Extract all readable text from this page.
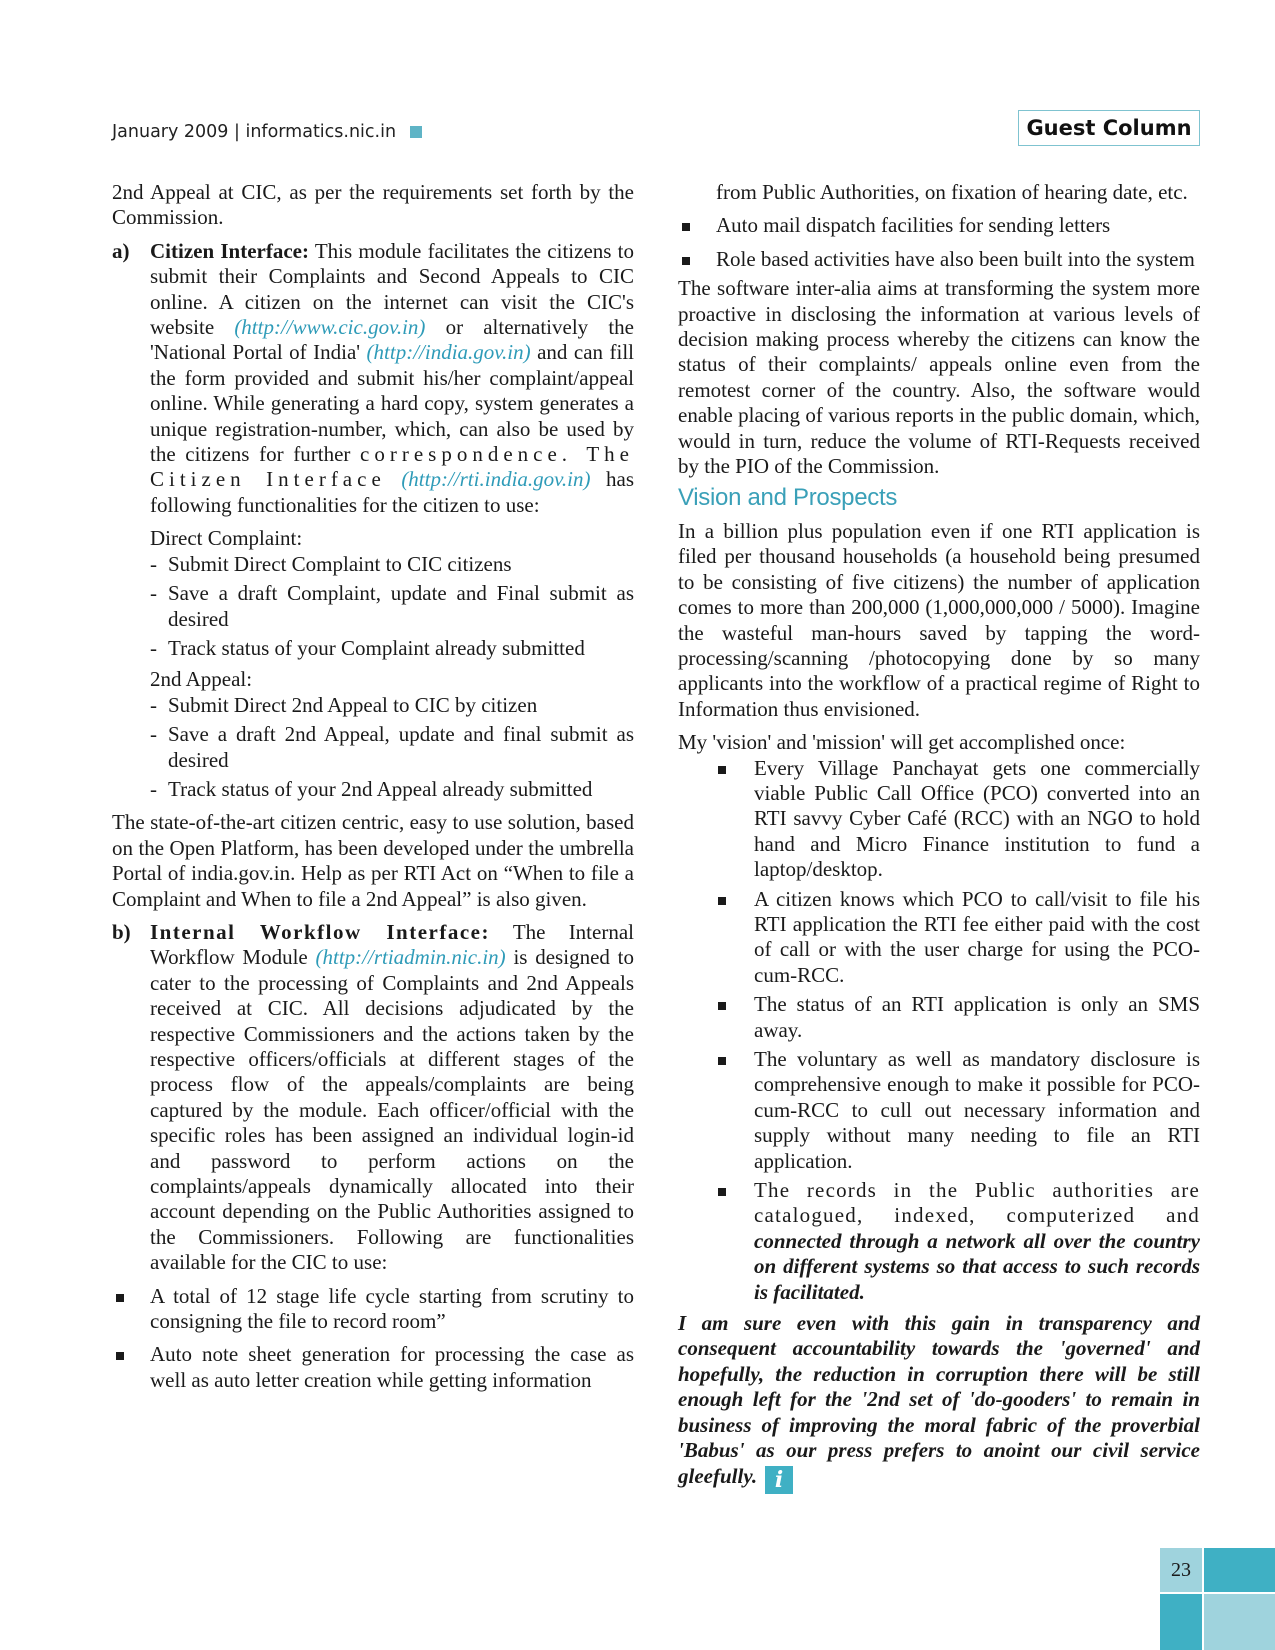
January 2009 | informatics.nic.in	Guest Column

2nd Appeal at CIC, as per the requirements set forth by the Commission.

a) Citizen Interface: This module facilitates the citizens to submit their Complaints and Second Appeals to CIC online. A citizen on the internet can visit the CIC's website (http://www.cic.gov.in) or alternatively the 'National Portal of India' (http://india.gov.in) and can fill the form provided and submit his/her complaint/appeal online. While generating a hard copy, system generates a unique registration-number, which, can also be used by the citizens for further correspondence. The Citizen Interface (http://rti.india.gov.in) has following functionalities for the citizen to use:

Direct Complaint:

- Submit Direct Complaint to CIC citizens
- Save a draft Complaint, update and Final submit as desired
- Track status of your Complaint already submitted

2nd Appeal:

- Submit Direct 2nd Appeal to CIC by citizen
- Save a draft 2nd Appeal, update and final submit as desired
- Track status of your 2nd Appeal already submitted

The state-of-the-art citizen centric, easy to use solution, based on the Open Platform, has been developed under the umbrella Portal of india.gov.in. Help as per RTI Act on “When to file a Complaint and When to file a 2nd Appeal” is also given.

b) Internal Workflow Interface: The Internal Workflow Module (http://rtiadmin.nic.in) is designed to cater to the processing of Complaints and 2nd Appeals received at CIC. All decisions adjudicated by the respective Commissioners and the actions taken by the respective officers/officials at different stages of the process flow of the appeals/complaints are being captured by the module. Each officer/official with the specific roles has been assigned an individual login-id and password to perform actions on the complaints/appeals dynamically allocated into their account depending on the Public Authorities assigned to the Commissioners. Following are functionalities available for the CIC to use:
A total of 12 stage life cycle starting from scrutiny to consigning the file to record room”
Auto note sheet generation for processing the case as well as auto letter creation while getting information

from Public Authorities, on fixation of hearing date, etc.

Auto mail dispatch facilities for sending letters
Role based activities have also been built into the system

The software inter-alia aims at transforming the system more proactive in disclosing the information at various levels of decision making process whereby the citizens can know the status of their complaints/ appeals online even from the remotest corner of the country. Also, the software would enable placing of various reports in the public domain, which, would in turn, reduce the volume of RTI-Requests received by the PIO of the Commission.

Vision and Prospects

In a billion plus population even if one RTI application is filed per thousand households (a household being presumed to be consisting of five citizens) the number of application comes to more than 200,000 (1,000,000,000 / 5000). Imagine the wasteful man-hours saved by tapping the word-processing/scanning /photocopying done by so many applicants into the workflow of a practical regime of Right to Information thus envisioned.

My 'vision' and 'mission' will get accomplished once:

Every Village Panchayat gets one commercially viable Public Call Office (PCO) converted into an RTI savvy Cyber Café (RCC) with an NGO to hold hand and Micro Finance institution to fund a laptop/desktop.
A citizen knows which PCO to call/visit to file his RTI application the RTI fee either paid with the cost of call or with the user charge for using the PCO-cum-RCC.
The status of an RTI application is only an SMS away.
The voluntary as well as mandatory disclosure is comprehensive enough to make it possible for PCO-cum-RCC to cull out necessary information and supply without many needing to file an RTI application.
The records in the Public authorities are catalogued, indexed, computerized and connected through a network all over the country on different systems so that access to such records is facilitated.

I am sure even with this gain in transparency and consequent accountability towards the 'governed' and hopefully, the reduction in corruption there will be still enough left for the '2nd set of 'do-gooders' to remain in business of improving the moral fabric of the proverbial 'Babus' as our press prefers to anoint our civil service gleefully. i

23
